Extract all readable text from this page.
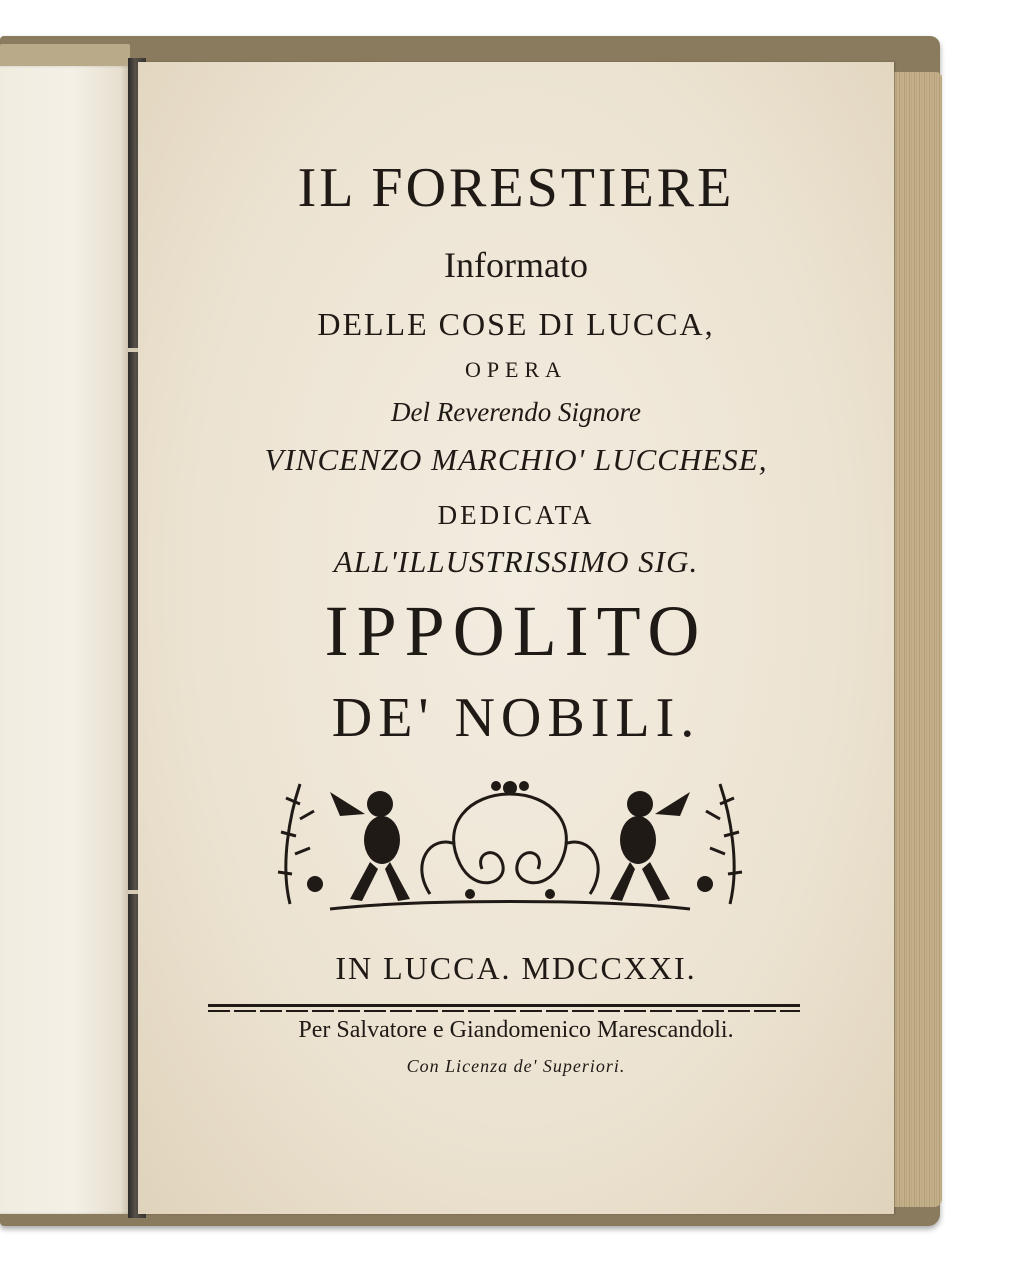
IL FORESTIERE
Informato
DELLE COSE DI LUCCA,
OPERA
Del Reverendo Signore
VINCENZO MARCHIO' LUCCHESE,
DEDICATA
ALL'ILLUSTRISSIMO SIG.
IPPOLITO
DE' NOBILI.
IN LUCCA. MDCCXXI.
Per Salvatore e Giandomenico Marescandoli.
Con Licenza de' Superiori.
